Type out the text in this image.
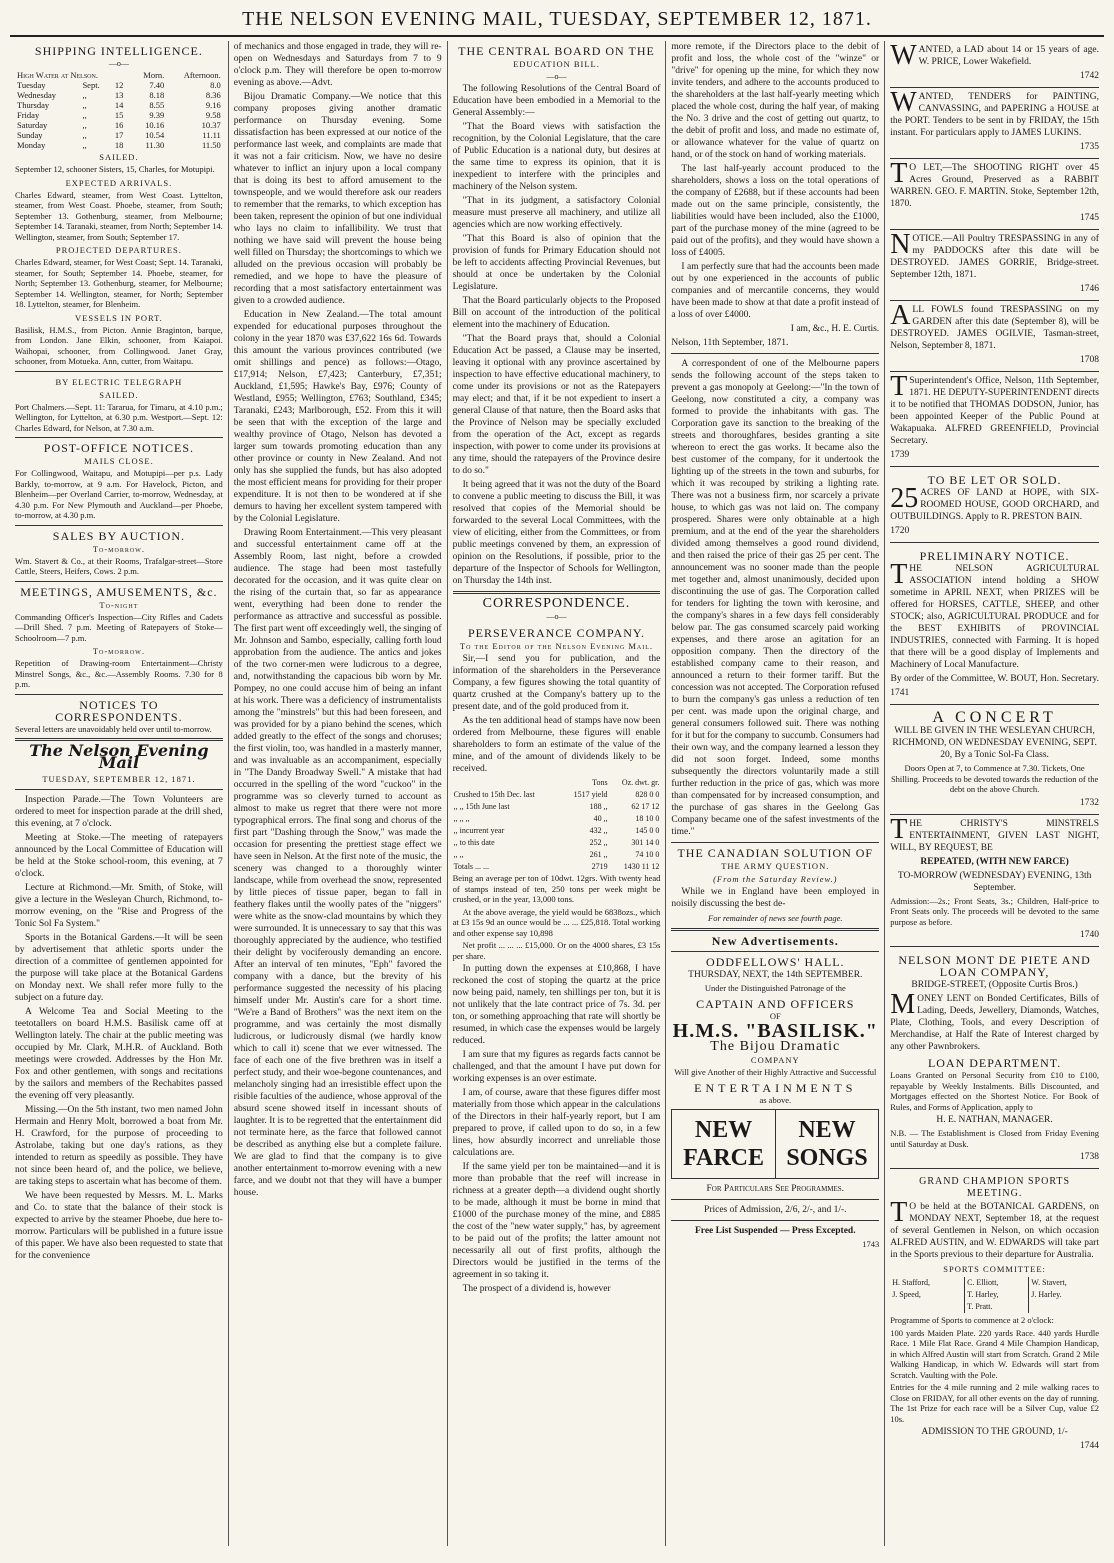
THE NELSON EVENING MAIL, TUESDAY, SEPTEMBER 12, 1871.
SHIPPING INTELLIGENCE.
—o—
High Water at Nelson.			Morn.	Afternoon.
Tuesday	Sept.	12	7.40	8.0
Wednesday	,,	13	8.18	8.36
Thursday	,,	14	8.55	9.16
Friday	,,	15	9.39	9.58
Saturday	,,	16	10.16	10.37
Sunday	,,	17	10.54	11.11
Monday	,,	18	11.30	11.50
SAILED.

September 12, schooner Sisters, 15, Charles, for Motupipi.

EXPECTED ARRIVALS.

Charles Edward, steamer, from West Coast. Lyttelton, steamer, from West Coast. Phoebe, steamer, from South; September 13. Gothenburg, steamer, from Melbourne; September 14. Taranaki, steamer, from North; September 14. Wellington, steamer, from South; September 17.

PROJECTED DEPARTURES.

Charles Edward, steamer, for West Coast; Sept. 14. Taranaki, steamer, for South; September 14. Phoebe, steamer, for North; September 13. Gothenburg, steamer, for Melbourne; September 14. Wellington, steamer, for North; September 18. Lyttelton, steamer, for Blenheim.

VESSELS IN PORT.

Basilisk, H.M.S., from Picton. Annie Braginton, barque, from London. Jane Elkin, schooner, from Kaiapoi. Waihopai, schooner, from Collingwood. Janet Gray, schooner, from Motueka. Ann, cutter, from Waitapu.

BY ELECTRIC TELEGRAPH
SAILED.

Port Chalmers.—Sept. 11: Tararua, for Timaru, at 4.10 p.m.; Wellington, for Lyttelton, at 6.30 p.m. Westport.—Sept. 12: Charles Edward, for Nelson, at 7.30 a.m.

POST-OFFICE NOTICES.
MAILS CLOSE.

For Collingwood, Waitapu, and Motupipi—per p.s. Lady Barkly, to-morrow, at 9 a.m. For Havelock, Picton, and Blenheim—per Overland Carrier, to-morrow, Wednesday, at 4.30 p.m. For New Plymouth and Auckland—per Phoebe, to-morrow, at 4.30 p.m.

SALES BY AUCTION.
To-morrow.

Wm. Stavert & Co., at their Rooms, Trafalgar-street—Store Cattle, Steers, Heifers, Cows. 2 p.m.

MEETINGS, AMUSEMENTS, &c.
To-night

Commanding Officer's Inspection—City Rifles and Cadets—Drill Shed. 7 p.m. Meeting of Ratepayers of Stoke—Schoolroom—7 p.m.

To-morrow.

Repetition of Drawing-room Entertainment—Christy Minstrel Songs, &c., &c.—Assembly Rooms. 7.30 for 8 p.m.

NOTICES TO CORRESPONDENTS.

Several letters are unavoidably held over until to-morrow.

The Nelson Evening Mail
TUESDAY, SEPTEMBER 12, 1871.

Inspection Parade.—The Town Volunteers are ordered to meet for inspection parade at the drill shed, this evening, at 7 o'clock.

Meeting at Stoke.—The meeting of ratepayers announced by the Local Committee of Education will be held at the Stoke school-room, this evening, at 7 o'clock.

Lecture at Richmond.—Mr. Smith, of Stoke, will give a lecture in the Wesleyan Church, Richmond, to-morrow evening, on the "Rise and Progress of the Tonic Sol Fa System."

Sports in the Botanical Gardens.—It will be seen by advertisement that athletic sports under the direction of a committee of gentlemen appointed for the purpose will take place at the Botanical Gardens on Monday next. We shall refer more fully to the subject on a future day.

A Welcome Tea and Social Meeting to the teetotallers on board H.M.S. Basilisk came off at Wellington lately. The chair at the public meeting was occupied by Mr. Clark, M.H.R. of Auckland. Both meetings were crowded. Addresses by the Hon Mr. Fox and other gentlemen, with songs and recitations by the sailors and members of the Rechabites passed the evening off very pleasantly.

Missing.—On the 5th instant, two men named John Hermain and Henry Molt, borrowed a boat from Mr. H. Crawford, for the purpose of proceeding to Astrolabe, taking but one day's rations, as they intended to return as speedily as possible. They have not since been heard of, and the police, we believe, are taking steps to ascertain what has become of them.

We have been requested by Messrs. M. L. Marks and Co. to state that the balance of their stock is expected to arrive by the steamer Phoebe, due here to-morrow. Particulars will be published in a future issue of this paper. We have also been requested to state that for the convenience

of mechanics and those engaged in trade, they will re-open on Wednesdays and Saturdays from 7 to 9 o'clock p.m. They will therefore be open to-morrow evening as above.—Advt.

Bijou Dramatic Company.—We notice that this company proposes giving another dramatic performance on Thursday evening. Some dissatisfaction has been expressed at our notice of the performance last week, and complaints are made that it was not a fair criticism. Now, we have no desire whatever to inflict an injury upon a local company that is doing its best to afford amusement to the townspeople, and we would therefore ask our readers to remember that the remarks, to which exception has been taken, represent the opinion of but one individual who lays no claim to infallibility. We trust that nothing we have said will prevent the house being well filled on Thursday; the shortcomings to which we alluded on the previous occasion will probably be remedied, and we hope to have the pleasure of recording that a most satisfactory entertainment was given to a crowded audience.

Education in New Zealand.—The total amount expended for educational purposes throughout the colony in the year 1870 was £37,622 16s 6d. Towards this amount the various provinces contributed (we omit shillings and pence) as follows:—Otago, £17,914; Nelson, £7,423; Canterbury, £7,351; Auckland, £1,595; Hawke's Bay, £976; County of Westland, £955; Wellington, £763; Southland, £345; Taranaki, £243; Marlborough, £52. From this it will be seen that with the exception of the large and wealthy province of Otago, Nelson has devoted a larger sum towards promoting education than any other province or county in New Zealand. And not only has she supplied the funds, but has also adopted the most efficient means for providing for their proper expenditure. It is not then to be wondered at if she demurs to having her excellent system tampered with by the Colonial Legislature.

Drawing Room Entertainment.—This very pleasant and successful entertainment came off at the Assembly Room, last night, before a crowded audience. The stage had been most tastefully decorated for the occasion, and it was quite clear on the rising of the curtain that, so far as appearance went, everything had been done to render the performance as attractive and successful as possible. The first part went off exceedingly well, the singing of Mr. Johnson and Sambo, especially, calling forth loud approbation from the audience. The antics and jokes of the two corner-men were ludicrous to a degree, and, notwithstanding the capacious bib worn by Mr. Pompey, no one could accuse him of being an infant at his work. There was a deficiency of instrumentalists among the "minstrels" but this had been foreseen, and was provided for by a piano behind the scenes, which added greatly to the effect of the songs and choruses; the first violin, too, was handled in a masterly manner, and was invaluable as an accompaniment, especially in "The Dandy Broadway Swell." A mistake that had occurred in the spelling of the word "cuckoo" in the programme was so cleverly turned to account as almost to make us regret that there were not more typographical errors. The final song and chorus of the first part "Dashing through the Snow," was made the occasion for presenting the prettiest stage effect we have seen in Nelson. At the first note of the music, the scenery was changed to a thoroughly winter landscape, while from overhead the snow, represented by little pieces of tissue paper, began to fall in feathery flakes until the woolly pates of the "niggers" were white as the snow-clad mountains by which they were surrounded. It is unnecessary to say that this was thoroughly appreciated by the audience, who testified their delight by vociferously demanding an encore. After an interval of ten minutes, "Eph" favored the company with a dance, but the brevity of his performance suggested the necessity of his placing himself under Mr. Austin's care for a short time. "We're a Band of Brothers" was the next item on the programme, and was certainly the most dismally ludicrous, or ludicrously dismal (we hardly know which to call it) scene that we ever witnessed. The face of each one of the five brethren was in itself a perfect study, and their woe-begone countenances, and melancholy singing had an irresistible effect upon the risible faculties of the audience, whose approval of the absurd scene showed itself in incessant shouts of laughter. It is to be regretted that the entertainment did not terminate here, as the farce that followed cannot be described as anything else but a complete failure. We are glad to find that the company is to give another entertainment to-morrow evening with a new farce, and we doubt not that they will have a bumper house.

THE CENTRAL BOARD ON THE
EDUCATION BILL.
—o—

The following Resolutions of the Central Board of Education have been embodied in a Memorial to the General Assembly:—

"That the Board views with satisfaction the recognition, by the Colonial Legislature, that the care of Public Education is a national duty, but desires at the same time to express its opinion, that it is inexpedient to interfere with the principles and machinery of the Nelson system.

"That in its judgment, a satisfactory Colonial measure must preserve all machinery, and utilize all agencies which are now working effectively.

"That this Board is also of opinion that the provision of funds for Primary Education should not be left to accidents affecting Provincial Revenues, but should at once be undertaken by the Colonial Legislature.

That the Board particularly objects to the Proposed Bill on account of the introduction of the political element into the machinery of Education.

"That the Board prays that, should a Colonial Education Act be passed, a Clause may be inserted, leaving it optional with any province ascertained by inspection to have effective educational machinery, to come under its provisions or not as the Ratepayers may elect; and that, if it be not expedient to insert a general Clause of that nature, then the Board asks that the Province of Nelson may be specially excluded from the operation of the Act, except as regards inspection, with power to come under its provisions at any time, should the ratepayers of the Province desire to do so."

It being agreed that it was not the duty of the Board to convene a public meeting to discuss the Bill, it was resolved that copies of the Memorial should be forwarded to the several Local Committees, with the view of eliciting, either from the Committees, or from public meetings convened by them, an expression of opinion on the Resolutions, if possible, prior to the departure of the Inspector of Schools for Wellington, on Thursday the 14th inst.

CORRESPONDENCE.
—o—
PERSEVERANCE COMPANY.
To the Editor of the Nelson Evening Mail.

Sir,—I send you for publication, and the information of the shareholders in the Perseverance Company, a few figures showing the total quantity of quartz crushed at the Company's battery up to the present date, and of the gold produced from it.

As the ten additional head of stamps have now been ordered from Melbourne, these figures will enable shareholders to form an estimate of the value of the mine, and of the amount of dividends likely to be received.

	Tons	Oz. dwt. gr.
Crushed to 15th Dec. last	1517 yield	828 0 0
,, ,, 15th June last	188 ,,	62 17 12
,, ,, ,,	40 ,,	18 10 0
,, incurrent year	432 ,,	145 0 0
,, to this date	252 ,,	301 14 0
,, ,,	261 ,,	74 10 0
Totals ... ...	2719	1430 11 12

Being an average per ton of 10dwt. 12grs. With twenty head of stamps instead of ten, 250 tons per week might be crushed, or in the year, 13,000 tons.

At the above average, the yield would be 6838ozs., which at £3 15s 9d an ounce would be ... ... £25,818. Total working and other expense say 10,898

Net profit ... ... ... £15,000. Or on the 4000 shares, £3 15s per share.

In putting down the expenses at £10,868, I have reckoned the cost of stoping the quartz at the price now being paid, namely, ten shillings per ton, but it is not unlikely that the late contract price of 7s. 3d. per ton, or something approaching that rate will shortly be resumed, in which case the expenses would be largely reduced.

I am sure that my figures as regards facts cannot be challenged, and that the amount I have put down for working expenses is an over estimate.

I am, of course, aware that these figures differ most materially from those which appear in the calculations of the Directors in their half-yearly report, but I am prepared to prove, if called upon to do so, in a few lines, how absurdly incorrect and unreliable those calculations are.

If the same yield per ton be maintained—and it is more than probable that the reef will increase in richness at a greater depth—a dividend ought shortly to be made, although it must be borne in mind that £1000 of the purchase money of the mine, and £885 the cost of the "new water supply," has, by agreement to be paid out of the profits; the latter amount not necessarily all out of first profits, although the Directors would be justified in the terms of the agreement in so taking it.

The prospect of a dividend is, however

more remote, if the Directors place to the debit of profit and loss, the whole cost of the "winze" or "drive" for opening up the mine, for which they now invite tenders, and adhere to the accounts produced to the shareholders at the last half-yearly meeting which placed the whole cost, during the half year, of making the No. 3 drive and the cost of getting out quartz, to the debit of profit and loss, and made no estimate of, or allowance whatever for the value of quartz on hand, or of the stock on hand of working materials.

The last half-yearly account produced to the shareholders, shows a loss on the total operations of the company of £2688, but if these accounts had been made out on the same principle, consistently, the liabilities would have been included, also the £1000, part of the purchase money of the mine (agreed to be paid out of the profits), and they would have shown a loss of £4005.

I am perfectly sure that had the accounts been made out by one experienced in the accounts of public companies and of mercantile concerns, they would have been made to show at that date a profit instead of a loss of over £4000.

I am, &c., H. E. Curtis.

Nelson, 11th September, 1871.

A correspondent of one of the Melbourne papers sends the following account of the steps taken to prevent a gas monopoly at Geelong:—"In the town of Geelong, now constituted a city, a company was formed to provide the inhabitants with gas. The Corporation gave its sanction to the breaking of the streets and thoroughfares, besides granting a site whereon to erect the gas works. It became also the best customer of the company, for it undertook the lighting up of the streets in the town and suburbs, for which it was recouped by striking a lighting rate. There was not a business firm, nor scarcely a private house, to which gas was not laid on. The company prospered. Shares were only obtainable at a high premium, and at the end of the year the shareholders divided among themselves a good round dividend, and then raised the price of their gas 25 per cent. The announcement was no sooner made than the people met together and, almost unanimously, decided upon discontinuing the use of gas. The Corporation called for tenders for lighting the town with kerosine, and the company's shares in a few days fell considerably below par. The gas consumed scarcely paid working expenses, and there arose an agitation for an opposition company. Then the directory of the established company came to their reason, and announced a return to their former tariff. But the concession was not accepted. The Corporation refused to burn the company's gas unless a reduction of ten per cent. was made upon the original charge, and general consumers followed suit. There was nothing for it but for the company to succumb. Consumers had their own way, and the company learned a lesson they did not soon forget. Indeed, some months subsequently the directors voluntarily made a still further reduction in the price of gas, which was more than compensated for by increased consumption, and the purchase of gas shares in the Geelong Gas Company became one of the safest investments of the time."

THE CANADIAN SOLUTION OF
THE ARMY QUESTION.
(From the Saturday Review.)

While we in England have been employed in noisily discussing the best de-

For remainder of news see fourth page.

New Advertisements.
ODDFELLOWS' HALL.

THURSDAY, NEXT, the 14th SEPTEMBER.

Under the Distinguished Patronage of the

CAPTAIN AND OFFICERS

OF

H.M.S. "BASILISK."
The Bijou Dramatic
COMPANY

Will give Another of their Highly Attractive and Successful

ENTERTAINMENTS

as above.

NEW FARCE
NEW SONGS

For Particulars See Programmes.

Prices of Admission, 2/6, 2/-, and 1/-.

Free List Suspended — Press Excepted.

1743

W ANTED, a LAD about 14 or 15 years of age. W. PRICE, Lower Wakefield.

1742

W ANTED, TENDERS for PAINTING, CANVASSING, and PAPERING a HOUSE at the PORT. Tenders to be sent in by FRIDAY, the 15th instant. For particulars apply to JAMES LUKINS.

1735

T O LET,—The SHOOTING RIGHT over 45 Acres Ground, Preserved as a RABBIT WARREN. GEO. F. MARTIN. Stoke, September 12th, 1870.

1745

N OTICE.—All Poultry TRESPASSING in any of my PADDOCKS after this date will be DESTROYED. JAMES GORRIE, Bridge-street. September 12th, 1871.

1746

A LL FOWLS found TRESPASSING on my GARDEN after this date (September 8), will be DESTROYED. JAMES OGILVIE, Tasman-street, Nelson, September 8, 1871.

1708

T Superintendent's Office, Nelson, 11th September, 1871. HE DEPUTY-SUPERINTENDENT directs it to be notified that THOMAS DODSON, Junior, has been appointed Keeper of the Public Pound at Wakapuaka. ALFRED GREENFIELD, Provincial Secretary.

1739

TO BE LET OR SOLD.
25 ACRES OF LAND at HOPE, with SIX-ROOMED HOUSE, GOOD ORCHARD, and OUTBUILDINGS. Apply to R. PRESTON BAIN.

1720

PRELIMINARY NOTICE.
T HE NELSON AGRICULTURAL ASSOCIATION intend holding a SHOW sometime in APRIL NEXT, when PRIZES will be offered for HORSES, CATTLE, SHEEP, and other STOCK; also, AGRICULTURAL PRODUCE and for the BEST EXHIBITS of PROVINCIAL INDUSTRIES, connected with Farming. It is hoped that there will be a good display of Implements and Machinery of Local Manufacture.

By order of the Committee, W. BOUT, Hon. Secretary.

1741

A CONCERT

WILL BE GIVEN IN THE WESLEYAN CHURCH, RICHMOND, ON WEDNESDAY EVENING, SEPT. 20, By a Tonic Sol-Fa Class.

Doors Open at 7, to Commence at 7.30. Tickets, One Shilling. Proceeds to be devoted towards the reduction of the debt on the above Church.

1732

T HE CHRISTY'S MINSTRELS ENTERTAINMENT, GIVEN LAST NIGHT, WILL, BY REQUEST, BE

REPEATED, (WITH NEW FARCE)

TO-MORROW (WEDNESDAY) EVENING, 13th September.

Admission:—2s.; Front Seats, 3s.; Children, Half-price to Front Seats only. The proceeds will be devoted to the same purpose as before.

1740

NELSON MONT DE PIETE AND LOAN COMPANY,

BRIDGE-STREET, (Opposite Curtis Bros.)

M ONEY LENT on Bonded Certificates, Bills of Lading, Deeds, Jewellery, Diamonds, Watches, Plate, Clothing, Tools, and every Description of Merchandise, at Half the Rate of Interest charged by any other Pawnbrokers.

LOAN DEPARTMENT.

Loans Granted on Personal Security from £10 to £100, repayable by Weekly Instalments. Bills Discounted, and Mortgages effected on the Shortest Notice. For Book of Rules, and Forms of Application, apply to

H. E. NATHAN, MANAGER.

N.B. — The Establishment is Closed from Friday Evening until Saturday at Dusk.

1738

GRAND CHAMPION SPORTS MEETING.
T O be held at the BOTANICAL GARDENS, on MONDAY NEXT, September 18, at the request of several Gentlemen in Nelson, on which occasion ALFRED AUSTIN, and W. EDWARDS will take part in the Sports previous to their departure for Australia.

SPORTS COMMITTEE:
H. Stafford,	C. Elliott,	W. Stavert,
J. Speed,	T. Harley,	J. Harley.
	T. Pratt.	

Programme of Sports to commence at 2 o'clock:

100 yards Maiden Plate. 220 yards Race. 440 yards Hurdle Race. 1 Mile Flat Race. Grand 4 Mile Champion Handicap, in which Alfred Austin will start from Scratch. Grand 2 Mile Walking Handicap, in which W. Edwards will start from Scratch. Vaulting with the Pole.

Entries for the 4 mile running and 2 mile walking races to Close on FRIDAY, for all other events on the day of running. The 1st Prize for each race will be a Silver Cup, value £2 10s.

ADMISSION TO THE GROUND, 1/-

1744
